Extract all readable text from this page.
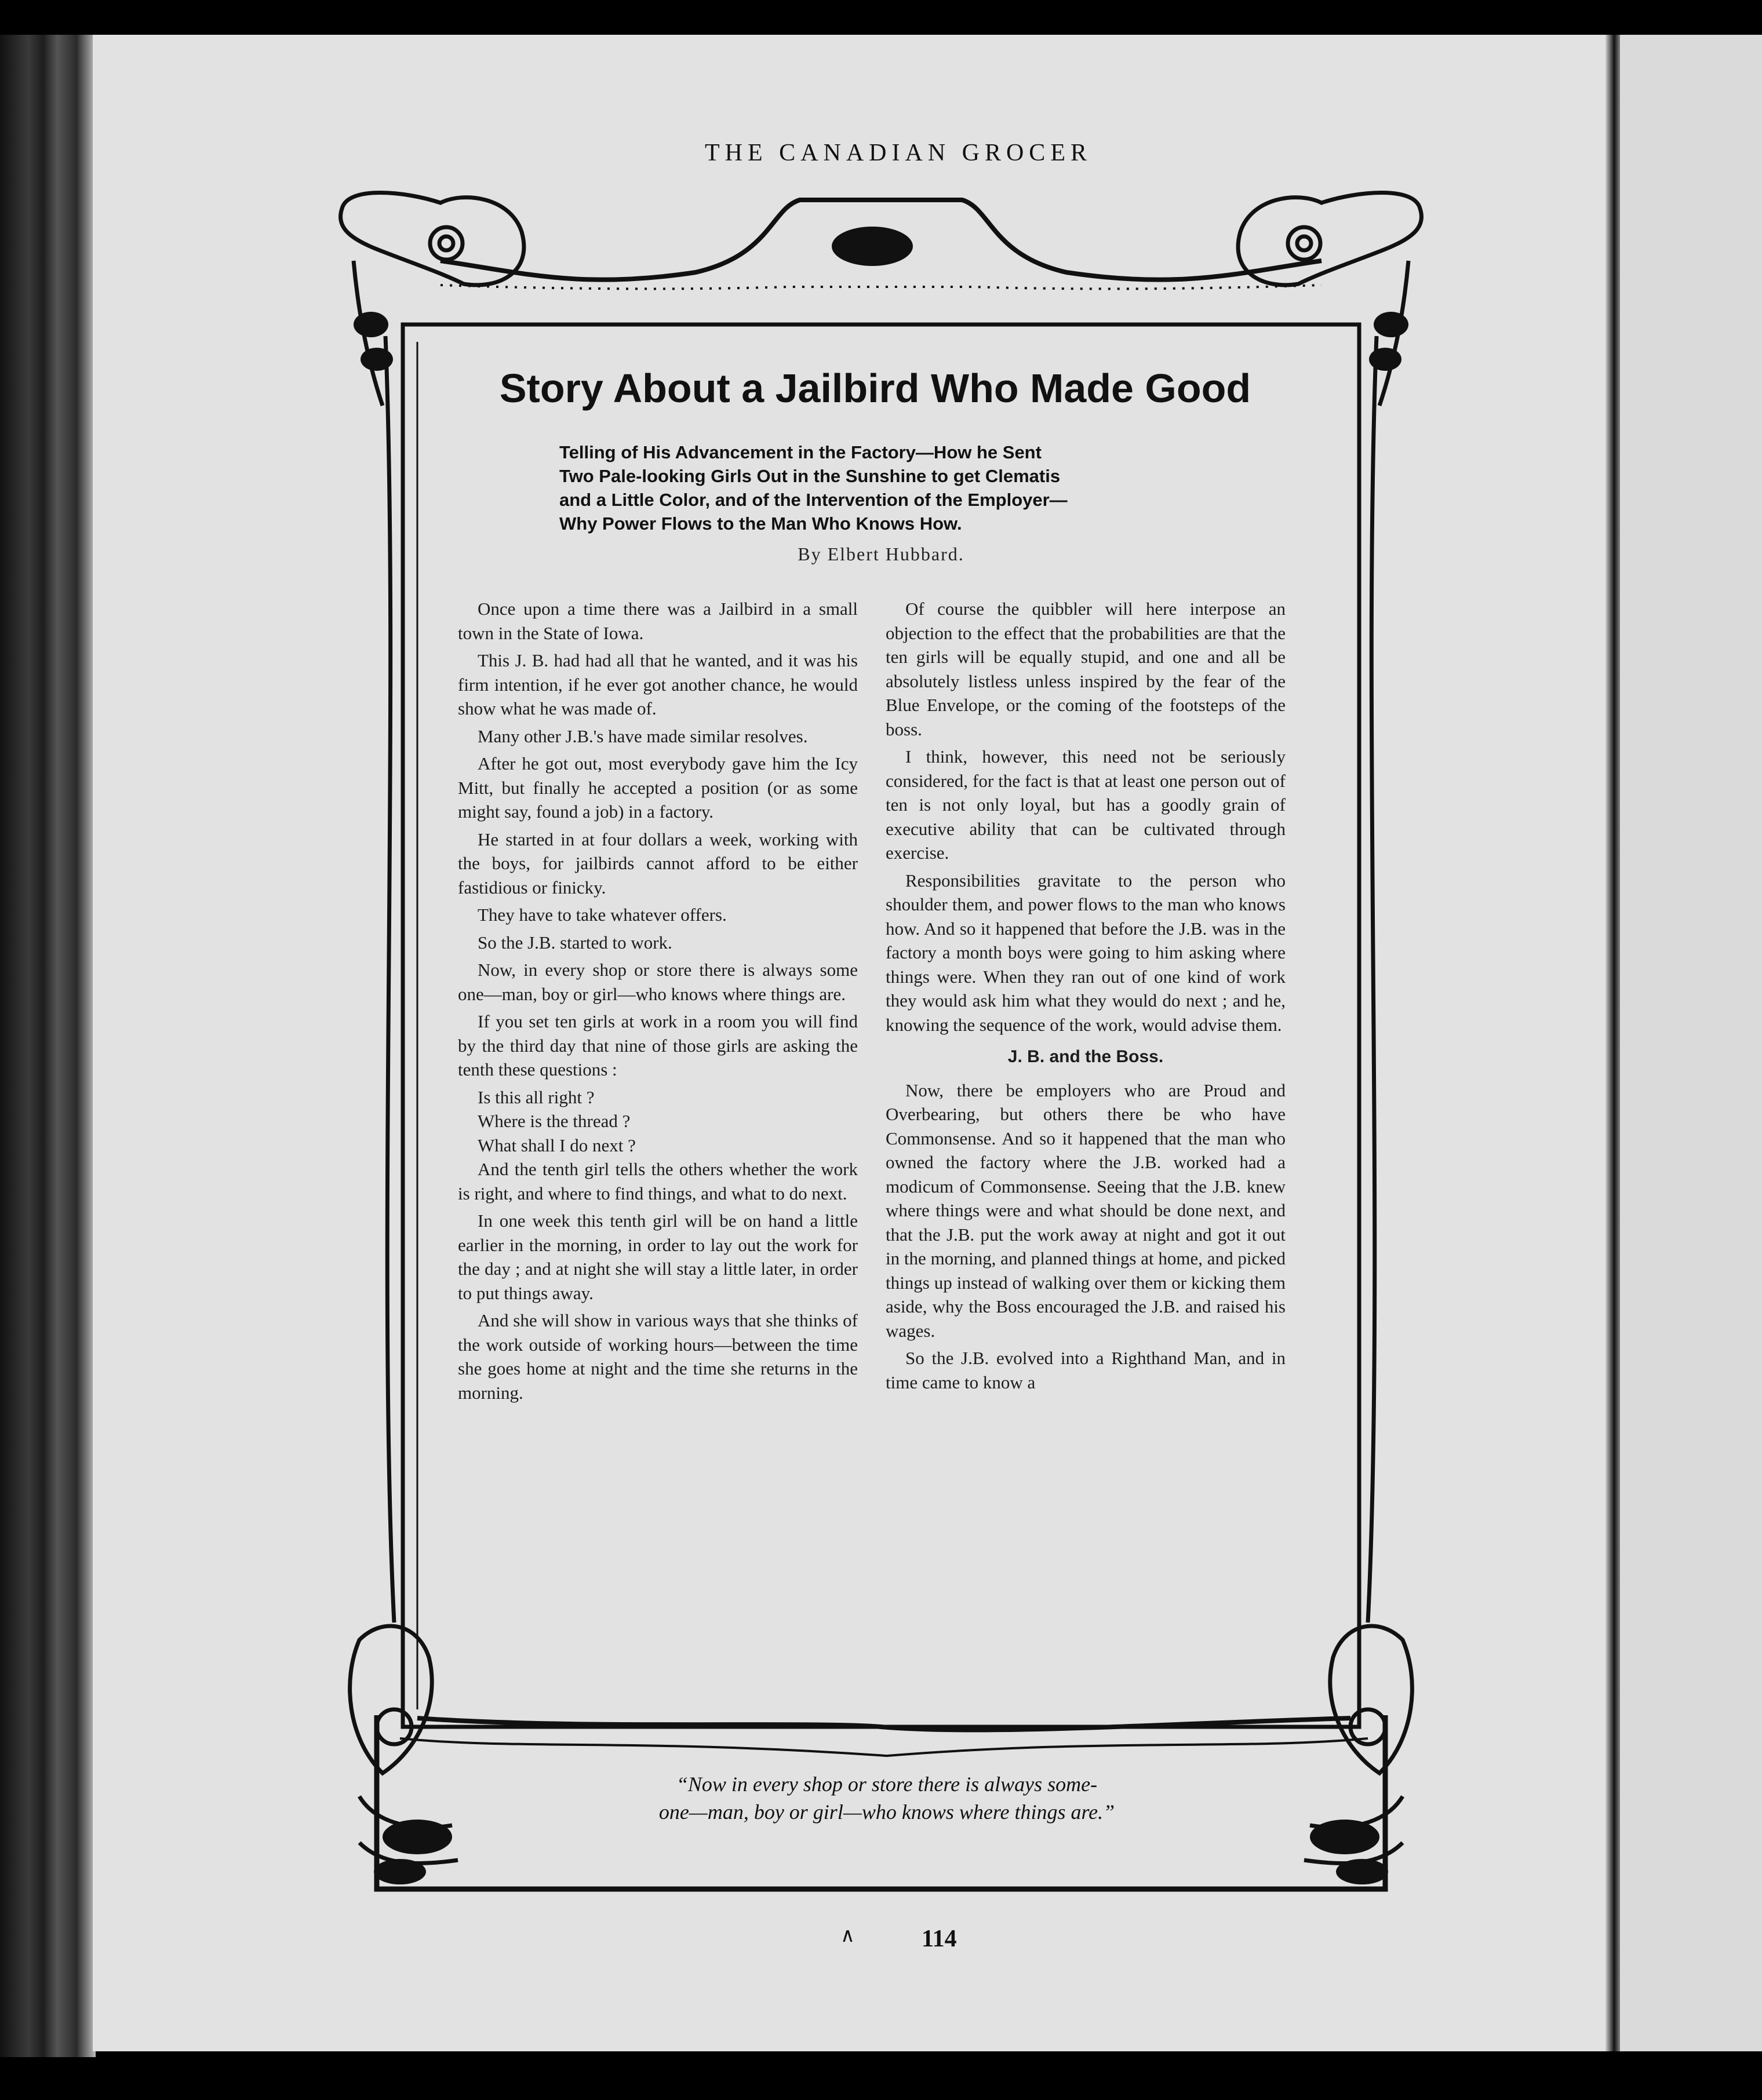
THE CANADIAN GROCER
Story About a Jailbird Who Made Good
Telling of His Advancement in the Factory—How he Sent
Two Pale-looking Girls Out in the Sunshine to get Clematis
and a Little Color, and of the Intervention of the Employer—
Why Power Flows to the Man Who Knows How.
By Elbert Hubbard.

Once upon a time there was a Jailbird in a small town in the State of Iowa.

This J. B. had had all that he wanted, and it was his firm intention, if he ever got another chance, he would show what he was made of.

Many other J.B.'s have made similar resolves.

After he got out, most everybody gave him the Icy Mitt, but finally he accepted a position (or as some might say, found a job) in a factory.

He started in at four dollars a week, working with the boys, for jailbirds cannot afford to be either fastidious or finicky.

They have to take whatever offers.

So the J.B. started to work.

Now, in every shop or store there is always some one—man, boy or girl—who knows where things are.

If you set ten girls at work in a room you will find by the third day that nine of those girls are asking the tenth these questions :

Is this all right ?

Where is the thread ?

What shall I do next ?

And the tenth girl tells the others whether the work is right, and where to find things, and what to do next.

In one week this tenth girl will be on hand a little earlier in the morning, in order to lay out the work for the day ; and at night she will stay a little later, in order to put things away.

And she will show in various ways that she thinks of the work outside of working hours—between the time she goes home at night and the time she returns in the morning.

Of course the quibbler will here interpose an objection to the effect that the probabilities are that the ten girls will be equally stupid, and one and all be absolutely listless unless inspired by the fear of the Blue Envelope, or the coming of the footsteps of the boss.

I think, however, this need not be seriously considered, for the fact is that at least one person out of ten is not only loyal, but has a goodly grain of executive ability that can be cultivated through exercise.

Responsibilities gravitate to the person who shoulder them, and power flows to the man who knows how. And so it happened that before the J.B. was in the factory a month boys were going to him asking where things were. When they ran out of one kind of work they would ask him what they would do next ; and he, knowing the sequence of the work, would advise them.

J. B. and the Boss.

Now, there be employers who are Proud and Overbearing, but others there be who have Commonsense. And so it happened that the man who owned the factory where the J.B. worked had a modicum of Commonsense. Seeing that the J.B. knew where things were and what should be done next, and that the J.B. put the work away at night and got it out in the morning, and planned things at home, and picked things up instead of walking over them or kicking them aside, why the Boss encouraged the J.B. and raised his wages.

So the J.B. evolved into a Righthand Man, and in time came to know a

“Now in every shop or store there is always some-
one—man, boy or girl—who knows where things are.”
∧	114
